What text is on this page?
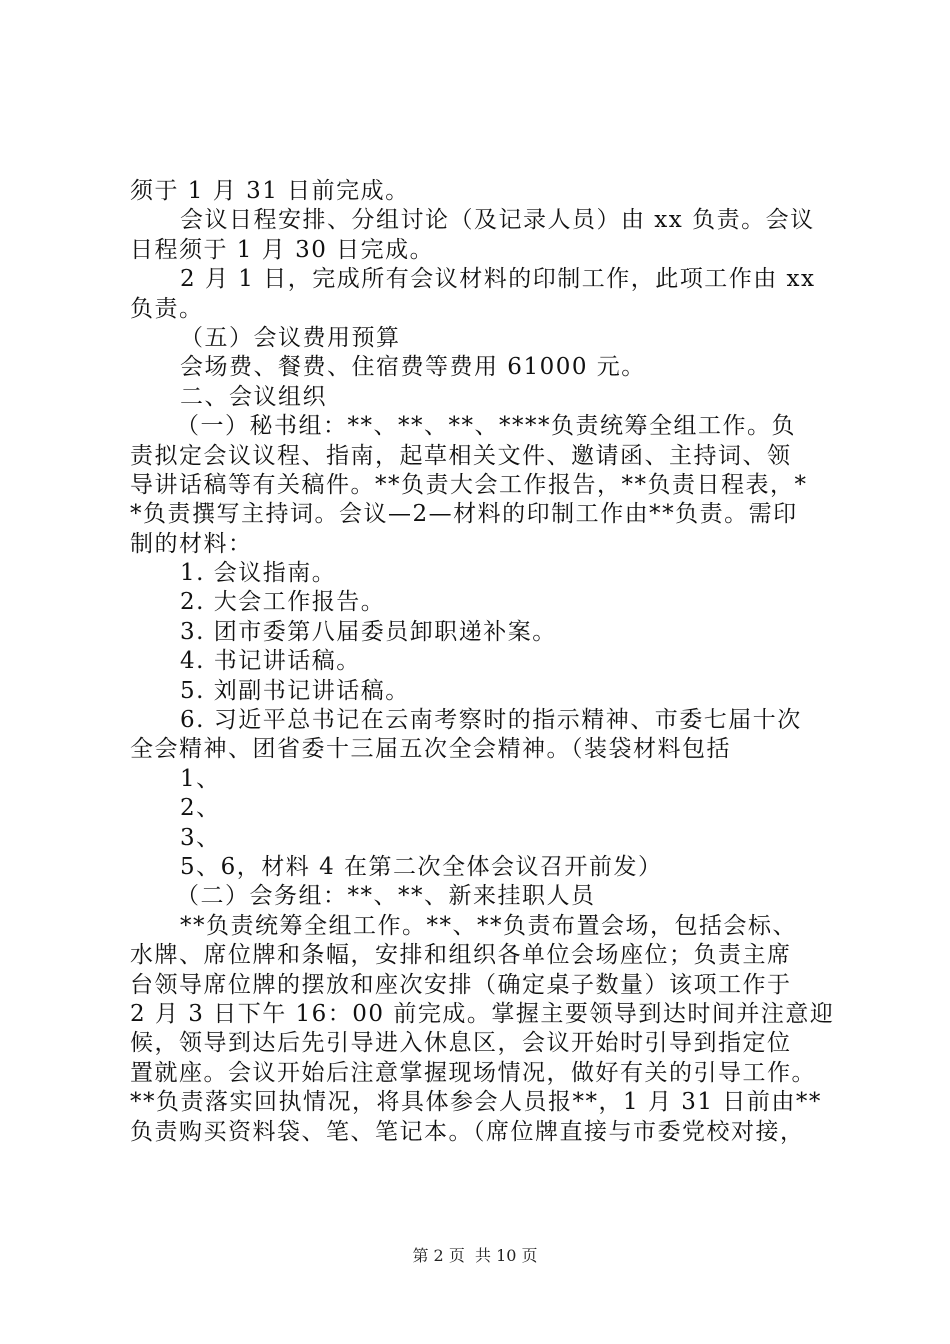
须于 1 月 31 日前完成。
会议日程安排、分组讨论（及记录人员）由 xx 负责。会议
日程须于 1 月 30 日完成。
2 月 1 日，完成所有会议材料的印制工作，此项工作由 xx
负责。
（五）会议费用预算
会场费、餐费、住宿费等费用 61000 元。
二、会议组织
（一）秘书组：**、**、**、****负责统筹全组工作。负
责拟定会议议程、指南，起草相关文件、邀请函、主持词、领
导讲话稿等有关稿件。**负责大会工作报告，**负责日程表，*
*负责撰写主持词。会议—2—材料的印制工作由**负责。需印
制的材料：
1. 会议指南。
2. 大会工作报告。
3. 团市委第八届委员卸职递补案。
4. 书记讲话稿。
5. 刘副书记讲话稿。
6. 习近平总书记在云南考察时的指示精神、市委七届十次
全会精神、团省委十三届五次全会精神。（装袋材料包括
1、
2、
3、
5、6，材料 4 在第二次全体会议召开前发）
（二）会务组：**、**、新来挂职人员
**负责统筹全组工作。**、**负责布置会场，包括会标、
水牌、席位牌和条幅，安排和组织各单位会场座位；负责主席
台领导席位牌的摆放和座次安排（确定桌子数量）该项工作于
2 月 3 日下午 16：00 前完成。掌握主要领导到达时间并注意迎
候，领导到达后先引导进入休息区，会议开始时引导到指定位
置就座。会议开始后注意掌握现场情况，做好有关的引导工作。
**负责落实回执情况，将具体参会人员报**，1 月 31 日前由**
负责购买资料袋、笔、笔记本。（席位牌直接与市委党校对接，
第 2 页  共 10 页
